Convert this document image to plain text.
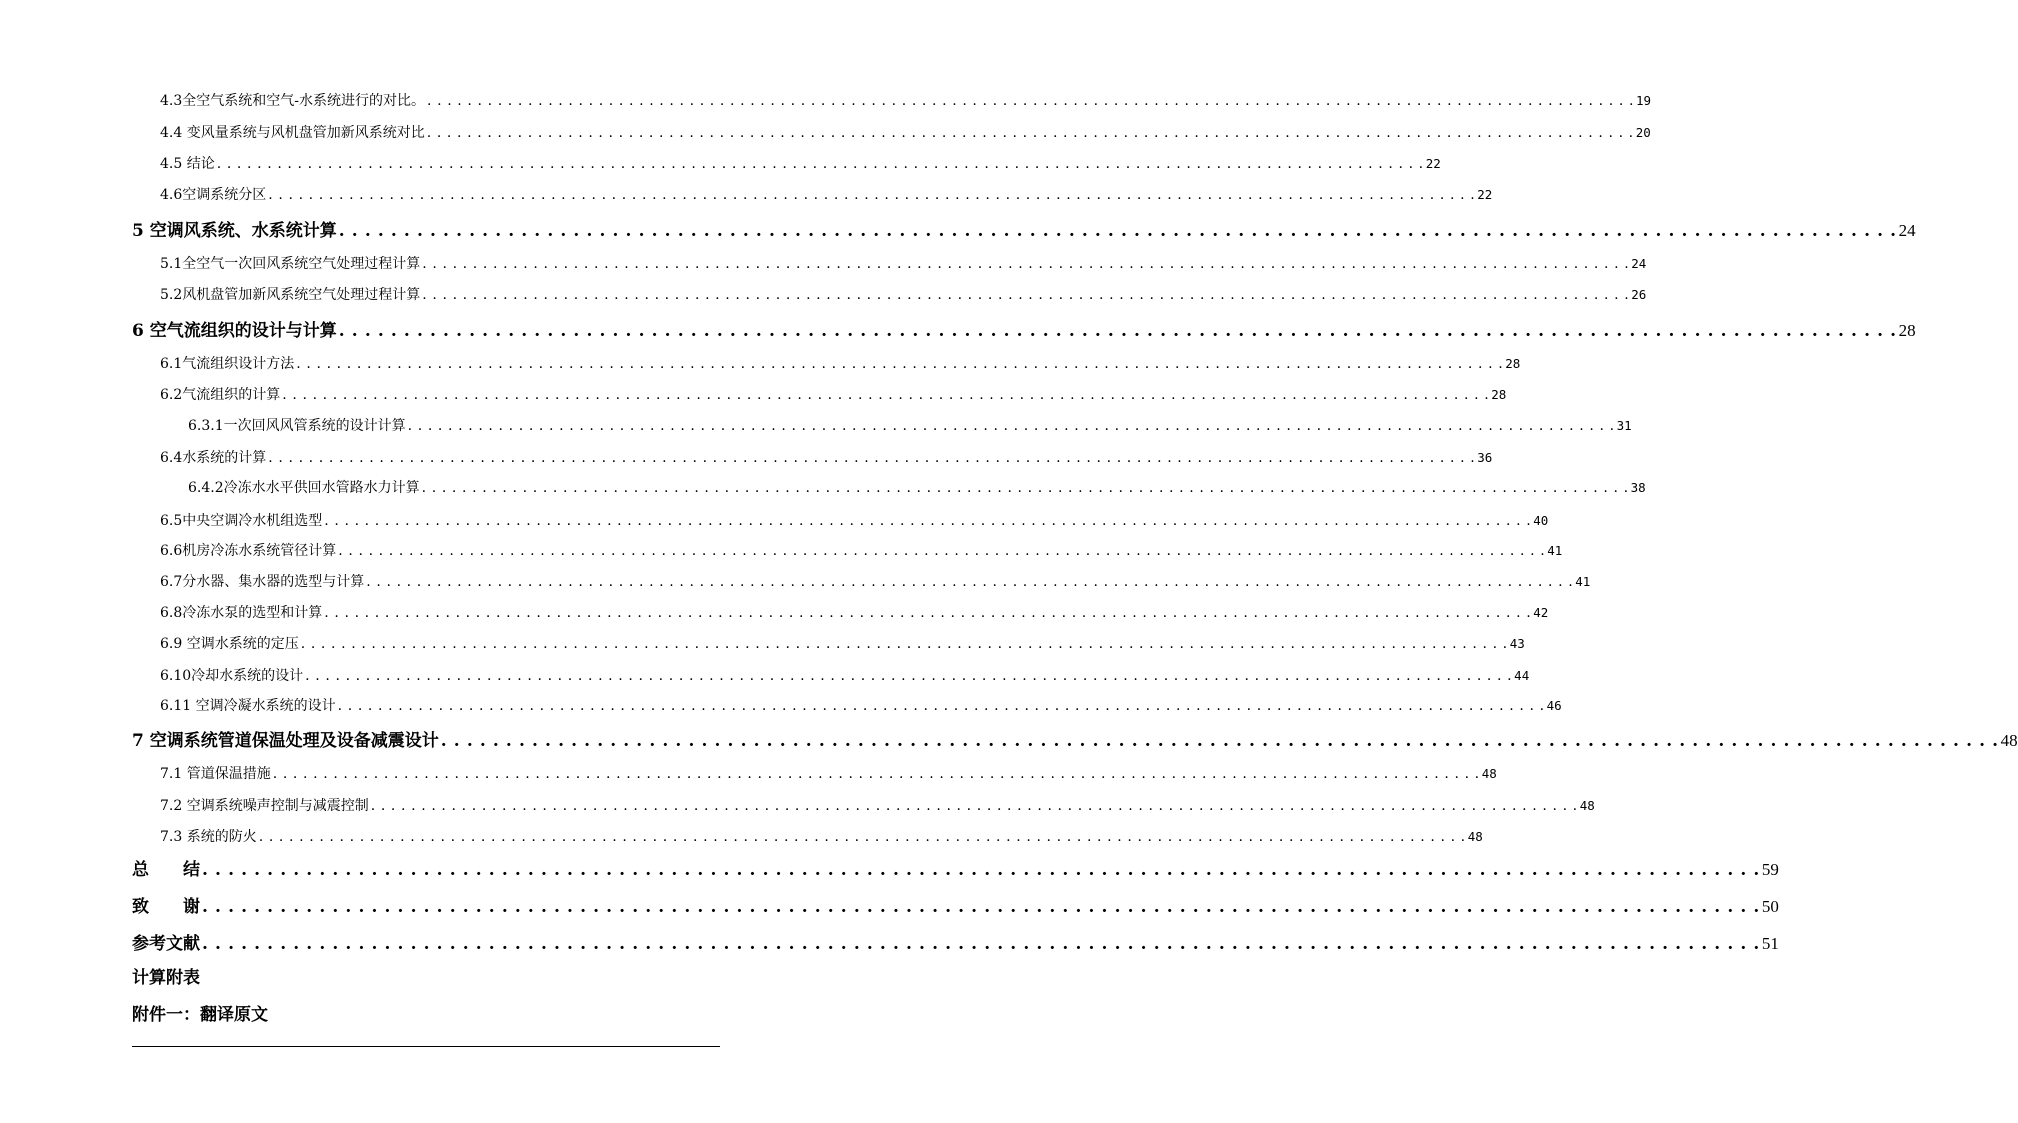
4.3全空气系统和空气-水系统进行的对比。 . . . . . . . . . . . . . . . . . . . . . . . . . . . . . . . . . . . . . . . . . . . . . . . . . . . . . . . . . . . . . . . . . . . . . . . . . . . . . . . . . . . . . . . . . . . . . . . . . . . . . . . . . . . . . . . . . . . . . . . . 19
4.4 变风量系统与风机盘管加新风系统对比 . . . . . . . . . . . . . . . . . . . . . . . . . . . . . . . . . . . . . . . . . . . . . . . . . . . . . . . . . . . . . . . . . . . . . . . . . . . . . . . . . . . . . . . . . . . . . . . . . . . . . . . . . . . . . . . . . . . . . . . . 20
4.5 结论 . . . . . . . . . . . . . . . . . . . . . . . . . . . . . . . . . . . . . . . . . . . . . . . . . . . . . . . . . . . . . . . . . . . . . . . . . . . . . . . . . . . . . . . . . . . . . . . . . . . . . . . . . . . . . . . . . . . . . . . . 22
4.6空调系统分区 . . . . . . . . . . . . . . . . . . . . . . . . . . . . . . . . . . . . . . . . . . . . . . . . . . . . . . . . . . . . . . . . . . . . . . . . . . . . . . . . . . . . . . . . . . . . . . . . . . . . . . . . . . . . . . . . . . . . . . . . 22
5 空调风系统、水系统计算 . . . . . . . . . . . . . . . . . . . . . . . . . . . . . . . . . . . . . . . . . . . . . . . . . . . . . . . . . . . . . . . . . . . . . . . . . . . . . . . . . . . . . . . . . . . . . . . . . . . . . . . . . . . . . . . . . . . . . . . . 24
5.1全空气一次回风系统空气处理过程计算 . . . . . . . . . . . . . . . . . . . . . . . . . . . . . . . . . . . . . . . . . . . . . . . . . . . . . . . . . . . . . . . . . . . . . . . . . . . . . . . . . . . . . . . . . . . . . . . . . . . . . . . . . . . . . . . . . . . . . . . . 24
5.2风机盘管加新风系统空气处理过程计算 . . . . . . . . . . . . . . . . . . . . . . . . . . . . . . . . . . . . . . . . . . . . . . . . . . . . . . . . . . . . . . . . . . . . . . . . . . . . . . . . . . . . . . . . . . . . . . . . . . . . . . . . . . . . . . . . . . . . . . . . 26
6 空气流组织的设计与计算 . . . . . . . . . . . . . . . . . . . . . . . . . . . . . . . . . . . . . . . . . . . . . . . . . . . . . . . . . . . . . . . . . . . . . . . . . . . . . . . . . . . . . . . . . . . . . . . . . . . . . . . . . . . . . . . . . . . . . . . . 28
6.1气流组织设计方法 . . . . . . . . . . . . . . . . . . . . . . . . . . . . . . . . . . . . . . . . . . . . . . . . . . . . . . . . . . . . . . . . . . . . . . . . . . . . . . . . . . . . . . . . . . . . . . . . . . . . . . . . . . . . . . . . . . . . . . . . 28
6.2气流组织的计算 . . . . . . . . . . . . . . . . . . . . . . . . . . . . . . . . . . . . . . . . . . . . . . . . . . . . . . . . . . . . . . . . . . . . . . . . . . . . . . . . . . . . . . . . . . . . . . . . . . . . . . . . . . . . . . . . . . . . . . . . 28
6.3.1一次回风风管系统的设计计算 . . . . . . . . . . . . . . . . . . . . . . . . . . . . . . . . . . . . . . . . . . . . . . . . . . . . . . . . . . . . . . . . . . . . . . . . . . . . . . . . . . . . . . . . . . . . . . . . . . . . . . . . . . . . . . . . . . . . . . . . 31
6.4水系统的计算 . . . . . . . . . . . . . . . . . . . . . . . . . . . . . . . . . . . . . . . . . . . . . . . . . . . . . . . . . . . . . . . . . . . . . . . . . . . . . . . . . . . . . . . . . . . . . . . . . . . . . . . . . . . . . . . . . . . . . . . . 36
6.4.2冷冻水水平供回水管路水力计算 . . . . . . . . . . . . . . . . . . . . . . . . . . . . . . . . . . . . . . . . . . . . . . . . . . . . . . . . . . . . . . . . . . . . . . . . . . . . . . . . . . . . . . . . . . . . . . . . . . . . . . . . . . . . . . . . . . . . . . . . 38
6.5中央空调冷水机组选型 . . . . . . . . . . . . . . . . . . . . . . . . . . . . . . . . . . . . . . . . . . . . . . . . . . . . . . . . . . . . . . . . . . . . . . . . . . . . . . . . . . . . . . . . . . . . . . . . . . . . . . . . . . . . . . . . . . . . . . . . 40
6.6机房冷冻水系统管径计算 . . . . . . . . . . . . . . . . . . . . . . . . . . . . . . . . . . . . . . . . . . . . . . . . . . . . . . . . . . . . . . . . . . . . . . . . . . . . . . . . . . . . . . . . . . . . . . . . . . . . . . . . . . . . . . . . . . . . . . . . 41
6.7分水器、集水器的选型与计算 . . . . . . . . . . . . . . . . . . . . . . . . . . . . . . . . . . . . . . . . . . . . . . . . . . . . . . . . . . . . . . . . . . . . . . . . . . . . . . . . . . . . . . . . . . . . . . . . . . . . . . . . . . . . . . . . . . . . . . . . 41
6.8冷冻水泵的选型和计算 . . . . . . . . . . . . . . . . . . . . . . . . . . . . . . . . . . . . . . . . . . . . . . . . . . . . . . . . . . . . . . . . . . . . . . . . . . . . . . . . . . . . . . . . . . . . . . . . . . . . . . . . . . . . . . . . . . . . . . . . 42
6.9 空调水系统的定压 . . . . . . . . . . . . . . . . . . . . . . . . . . . . . . . . . . . . . . . . . . . . . . . . . . . . . . . . . . . . . . . . . . . . . . . . . . . . . . . . . . . . . . . . . . . . . . . . . . . . . . . . . . . . . . . . . . . . . . . . 43
6.10冷却水系统的设计 . . . . . . . . . . . . . . . . . . . . . . . . . . . . . . . . . . . . . . . . . . . . . . . . . . . . . . . . . . . . . . . . . . . . . . . . . . . . . . . . . . . . . . . . . . . . . . . . . . . . . . . . . . . . . . . . . . . . . . . . 44
6.11 空调冷凝水系统的设计 . . . . . . . . . . . . . . . . . . . . . . . . . . . . . . . . . . . . . . . . . . . . . . . . . . . . . . . . . . . . . . . . . . . . . . . . . . . . . . . . . . . . . . . . . . . . . . . . . . . . . . . . . . . . . . . . . . . . . . . . 46
7 空调系统管道保温处理及设备减震设计 . . . . . . . . . . . . . . . . . . . . . . . . . . . . . . . . . . . . . . . . . . . . . . . . . . . . . . . . . . . . . . . . . . . . . . . . . . . . . . . . . . . . . . . . . . . . . . . . . . . . . . . . . . . . . . . . . . . . . . . . 48
7.1 管道保温措施 . . . . . . . . . . . . . . . . . . . . . . . . . . . . . . . . . . . . . . . . . . . . . . . . . . . . . . . . . . . . . . . . . . . . . . . . . . . . . . . . . . . . . . . . . . . . . . . . . . . . . . . . . . . . . . . . . . . . . . . . 48
7.2 空调系统噪声控制与减震控制 . . . . . . . . . . . . . . . . . . . . . . . . . . . . . . . . . . . . . . . . . . . . . . . . . . . . . . . . . . . . . . . . . . . . . . . . . . . . . . . . . . . . . . . . . . . . . . . . . . . . . . . . . . . . . . . . . . . . . . . . 48
7.3 系统的防火 . . . . . . . . . . . . . . . . . . . . . . . . . . . . . . . . . . . . . . . . . . . . . . . . . . . . . . . . . . . . . . . . . . . . . . . . . . . . . . . . . . . . . . . . . . . . . . . . . . . . . . . . . . . . . . . . . . . . . . . . 48
总　　结 . . . . . . . . . . . . . . . . . . . . . . . . . . . . . . . . . . . . . . . . . . . . . . . . . . . . . . . . . . . . . . . . . . . . . . . . . . . . . . . . . . . . . . . . . . . . . . . . . . . . . . . . . . . . . . . . . . . . . . . . 59
致　　谢 . . . . . . . . . . . . . . . . . . . . . . . . . . . . . . . . . . . . . . . . . . . . . . . . . . . . . . . . . . . . . . . . . . . . . . . . . . . . . . . . . . . . . . . . . . . . . . . . . . . . . . . . . . . . . . . . . . . . . . . . 50
参考文献 . . . . . . . . . . . . . . . . . . . . . . . . . . . . . . . . . . . . . . . . . . . . . . . . . . . . . . . . . . . . . . . . . . . . . . . . . . . . . . . . . . . . . . . . . . . . . . . . . . . . . . . . . . . . . . . . . . . . . . . . 51
计算附表
附件一：翻译原文
